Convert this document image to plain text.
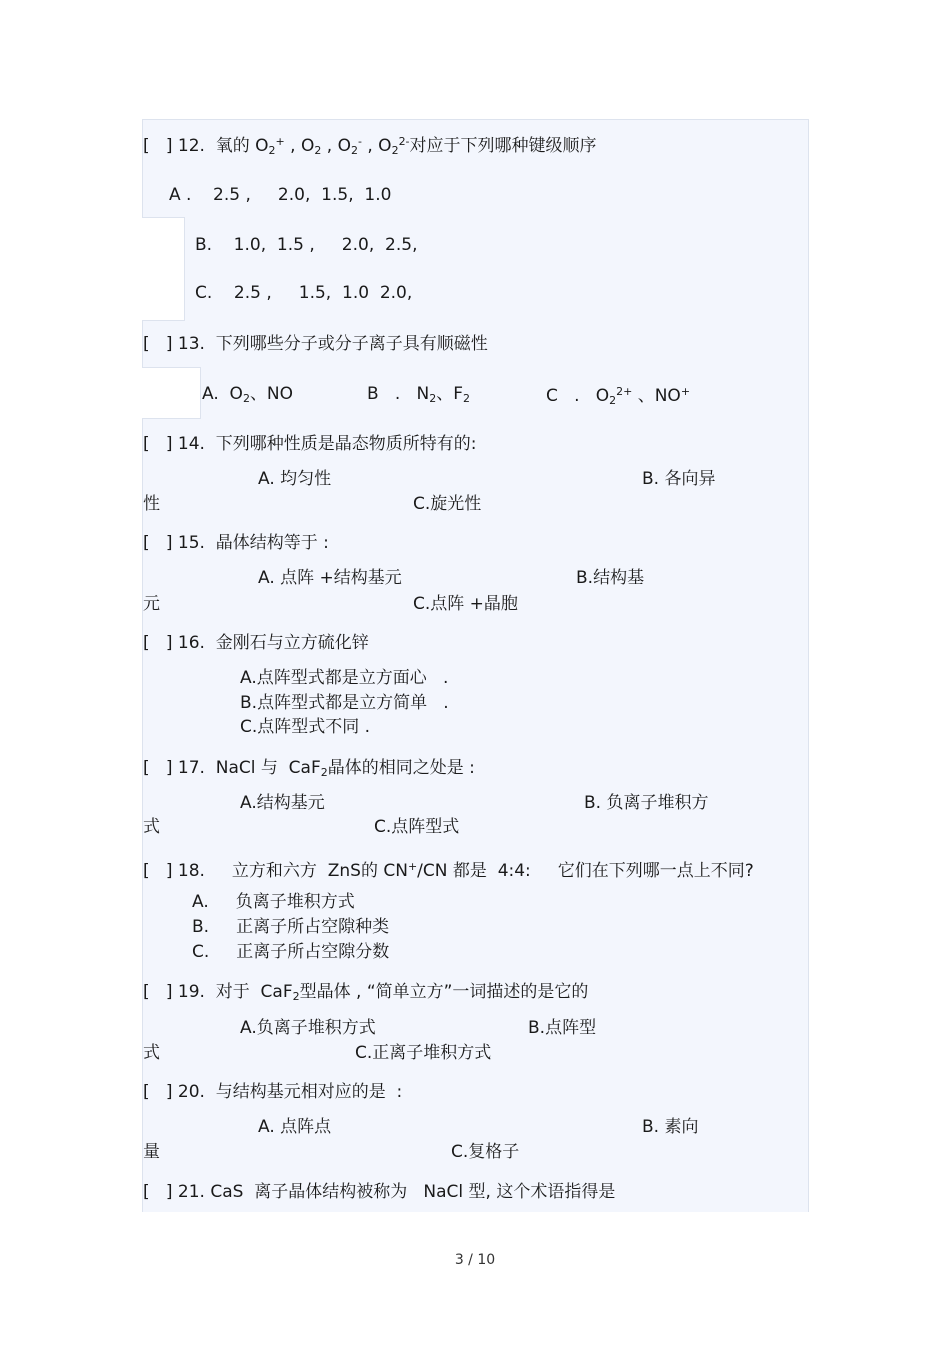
[   ] 12.  氧的 $O_2^+$ , $O_2$ , $O_2^-$ , $O_2^{2-}$对应于下列哪种键级顺序
A .    2.5 ,     2.0,  1.5,  1.0
B.    1.0,  1.5 ,     2.0,  2.5,
C.    2.5 ,     1.5,  1.0  2.0,
[   ] 13.  下列哪些分子或分子离子具有顺磁性
A.  $O_2$、NO	B   .   $N_2$、$F_2$	C   .   $O_2^{2+}$ 、NO+
[   ] 14.  下列哪种性质是晶态物质所特有的:
A. 均匀性	B. 各向异
性	C.旋光性
[   ] 15.  晶体结构等于 :
A. 点阵 +结构基元	B.结构基
元	C.点阵 +晶胞
[   ] 16.  金刚石与立方硫化锌
A.点阵型式都是立方面心   .
B.点阵型式都是立方简单   .
C.点阵型式不同 .
[   ] 17.  NaCl 与  CaF$_2$晶体的相同之处是 :
A.结构基元	B. 负离子堆积方
式	C.点阵型式
[   ] 18.     立方和六方  ZnS的 CN+/CN 都是  4:4:     它们在下列哪一点上不同?
A.     负离子堆积方式
B.     正离子所占空隙种类
C.     正离子所占空隙分数
[   ] 19.  对于  CaF$_2$型晶体 , “简单立方”一词描述的是它的
A.负离子堆积方式	B.点阵型
式	C.正离子堆积方式
[   ] 20.  与结构基元相对应的是  :
A. 点阵点	B. 素向
量	C.复格子
[   ] 21. CaS  离子晶体结构被称为   NaCl 型, 这个术语指得是
3 / 10
